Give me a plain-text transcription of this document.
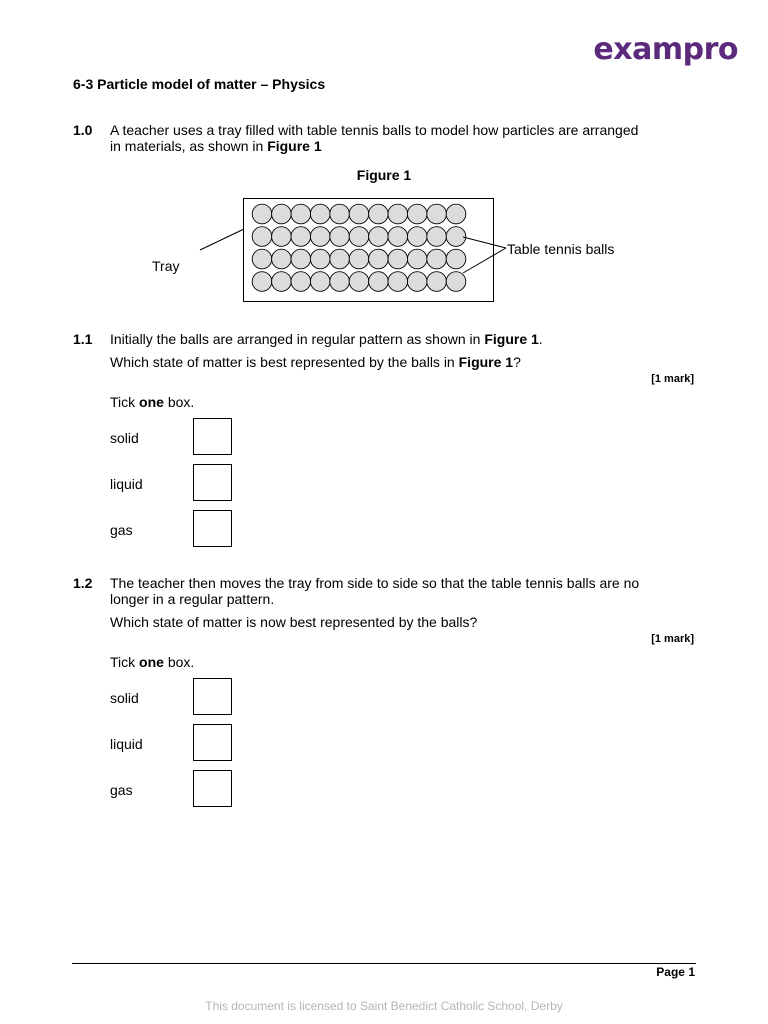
exampro
6-3 Particle model of matter – Physics
1.0 A teacher uses a tray filled with table tennis balls to model how particles are arranged
in materials, as shown in Figure 1
Figure 1
Tray
Table tennis balls
1.1 Initially the balls are arranged in regular pattern as shown in Figure 1.
Which state of matter is best represented by the balls in Figure 1?
[1 mark]
Tick one box.
solid
liquid
gas
1.2 The teacher then moves the tray from side to side so that the table tennis balls are no
longer in a regular pattern.
Which state of matter is now best represented by the balls?
[1 mark]
Tick one box.
solid
liquid
gas
Page 1
This document is licensed to Saint Benedict Catholic School, Derby
